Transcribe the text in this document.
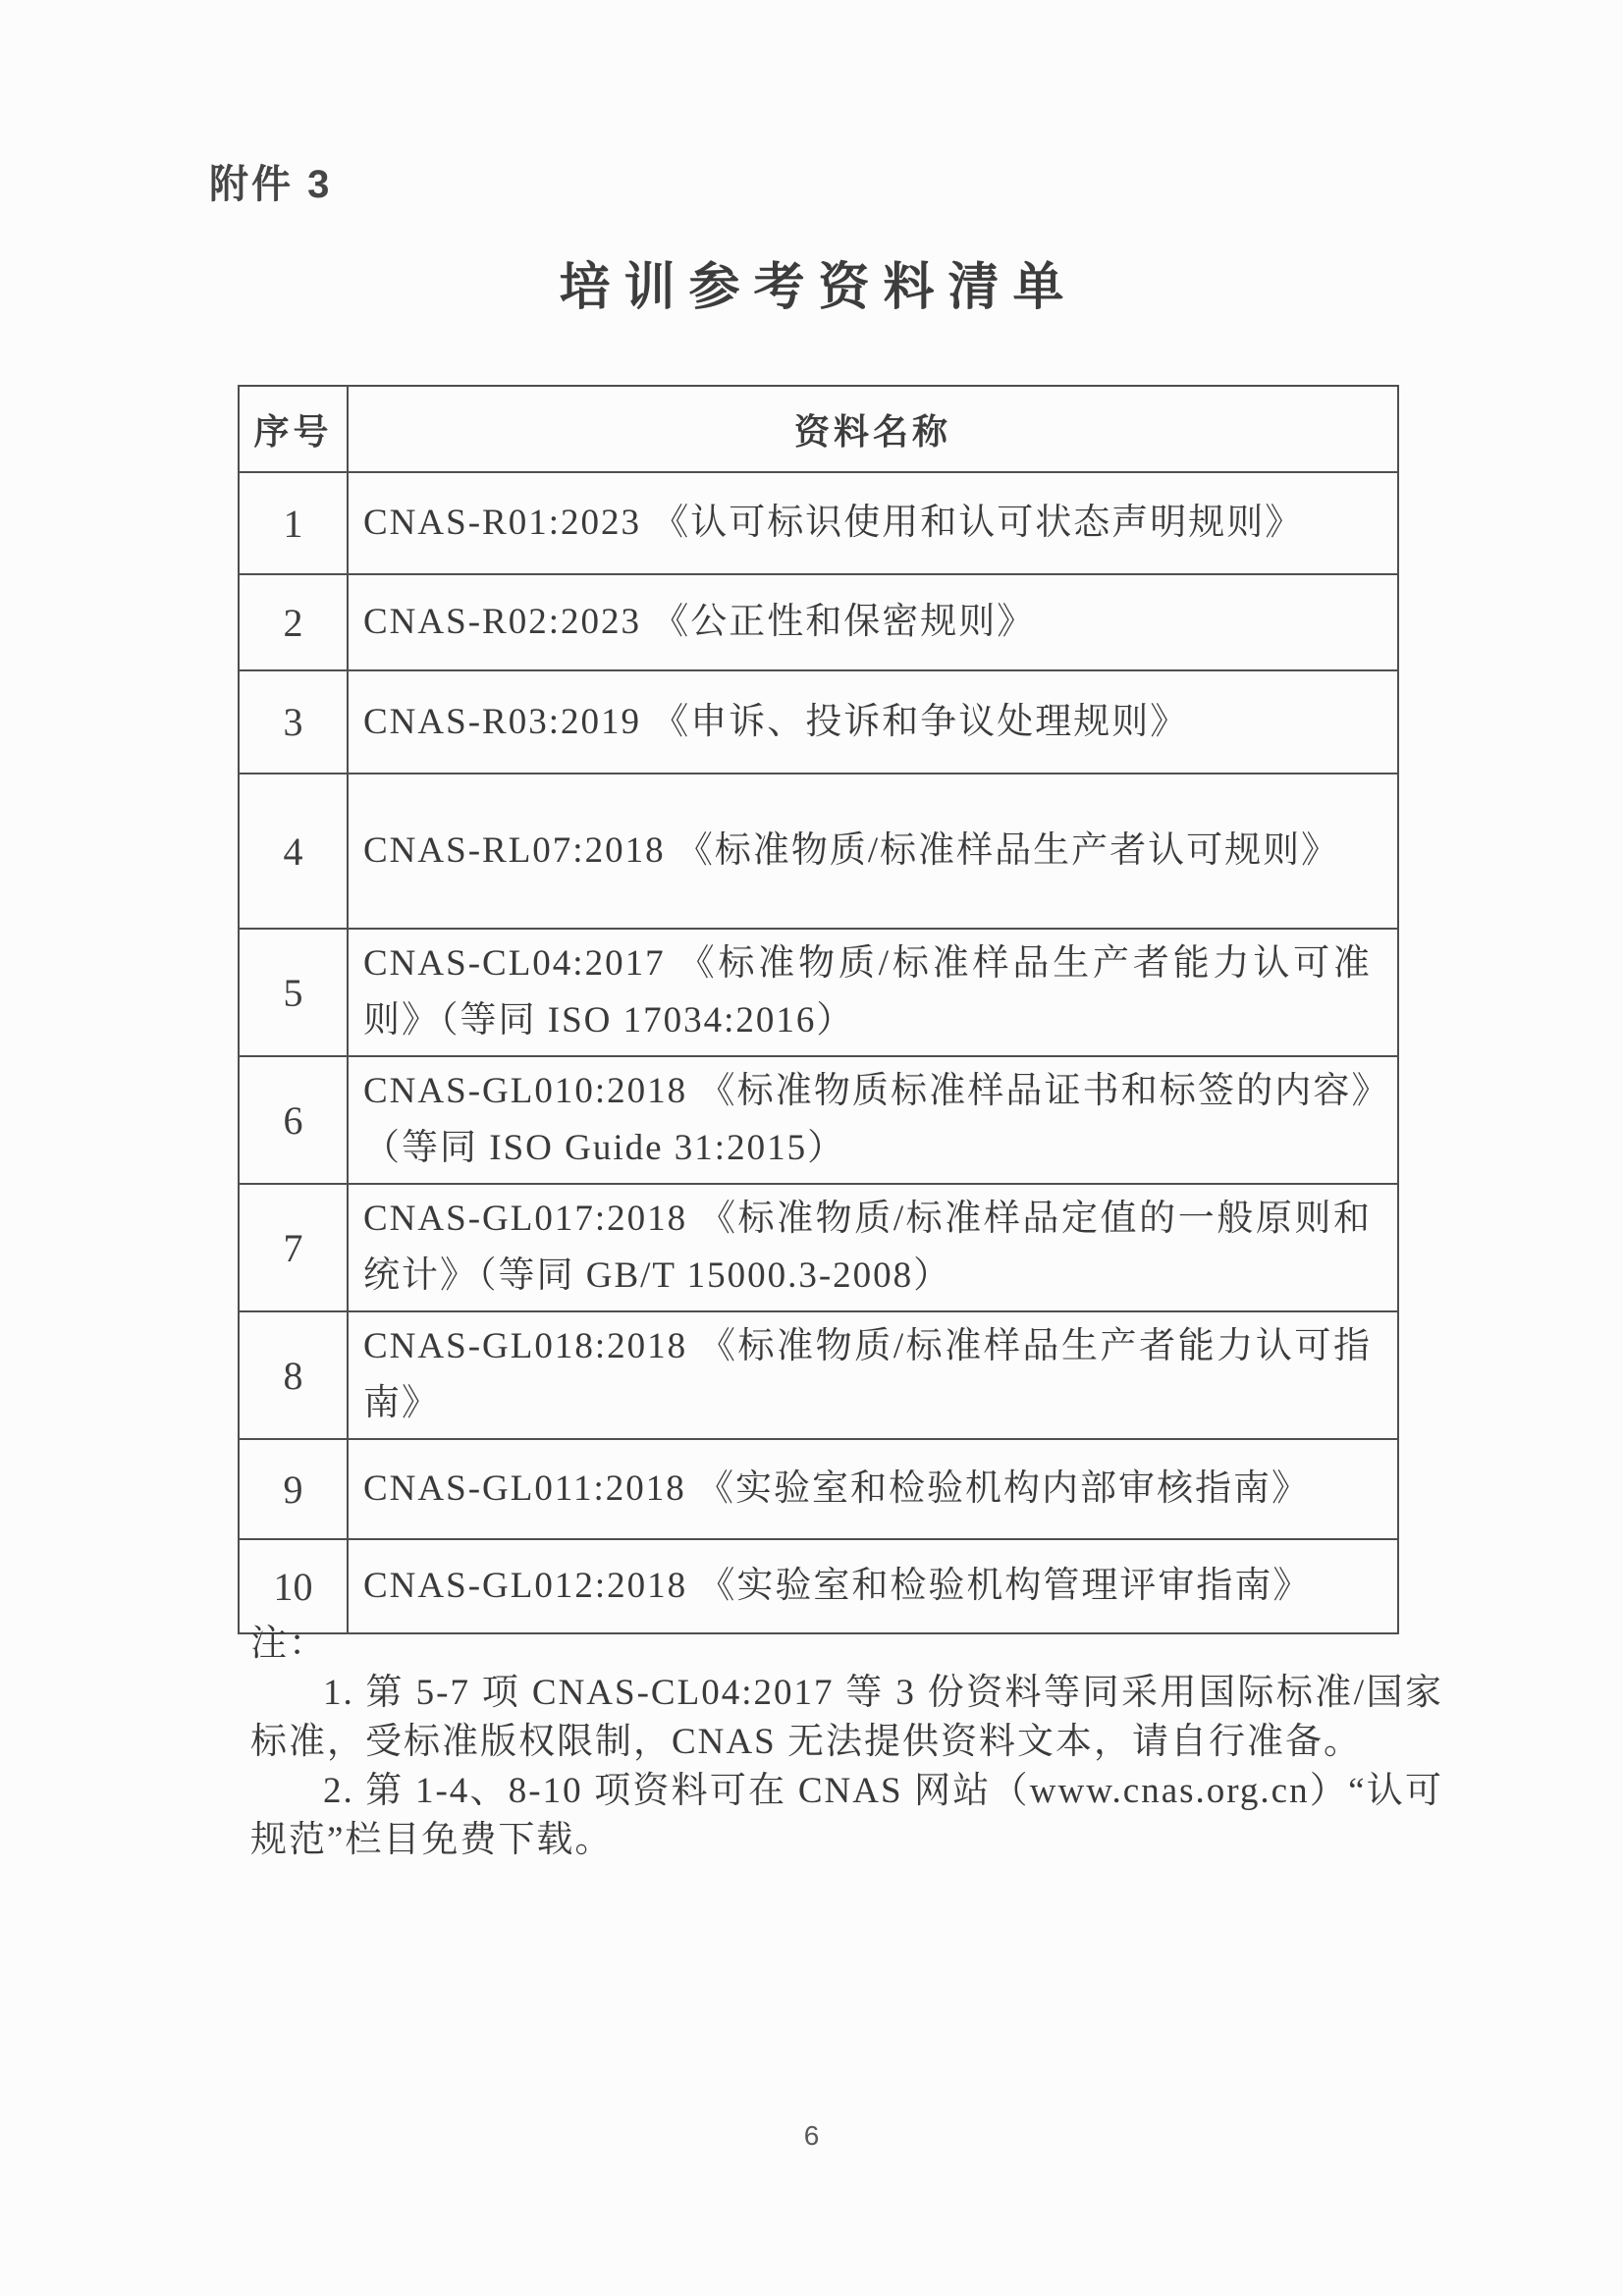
附件 3
培训参考资料清单
序号	资料名称
1	CNAS-R01:2023 《认可标识使用和认可状态声明规则》
2	CNAS-R02:2023 《公正性和保密规则》
3	CNAS-R03:2019 《申诉、投诉和争议处理规则》
4	CNAS-RL07:2018 《标准物质/标准样品生产者认可规则》
5	CNAS-CL04:2017 《标准物质/标准样品生产者能力认可准则》（等同 ISO 17034:2016）
6	CNAS-GL010:2018 《标准物质标准样品证书和标签的内容》（等同 ISO Guide 31:2015）
7	CNAS-GL017:2018 《标准物质/标准样品定值的一般原则和统计》（等同 GB/T 15000.3-2008）
8	CNAS-GL018:2018 《标准物质/标准样品生产者能力认可指南》
9	CNAS-GL011:2018 《实验室和检验机构内部审核指南》
10	CNAS-GL012:2018 《实验室和检验机构管理评审指南》
注：

1. 第 5-7 项 CNAS-CL04:2017 等 3 份资料等同采用国际标准/国家标准，受标准版权限制，CNAS 无法提供资料文本，请自行准备。

2. 第 1-4、8-10 项资料可在 CNAS 网站（www.cnas.org.cn）“认可规范”栏目免费下载。

6
